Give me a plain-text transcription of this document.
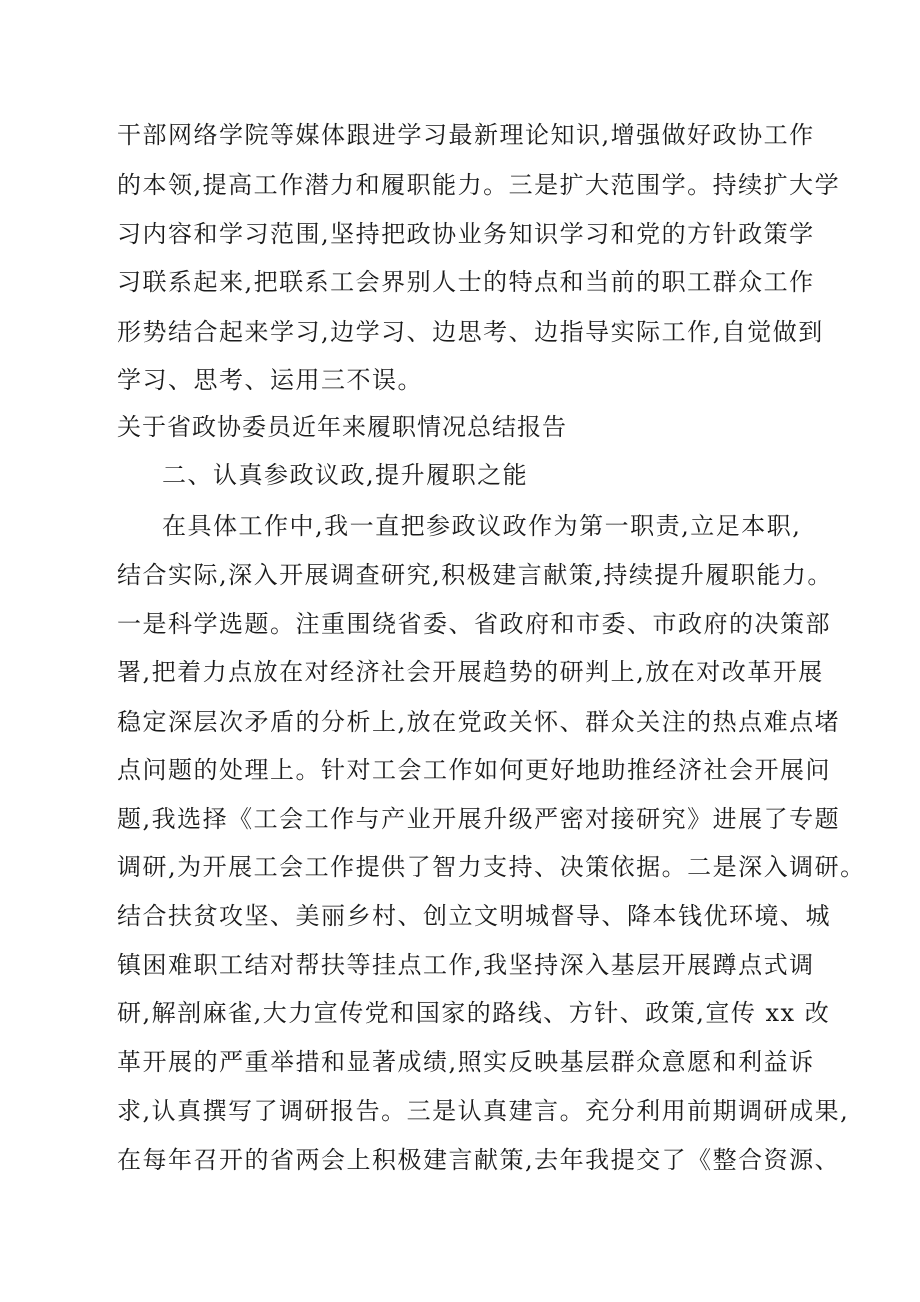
干部网络学院等媒体跟进学习最新理论知识,增强做好政协工作
的本领,提高工作潜力和履职能力。三是扩大范围学。持续扩大学
习内容和学习范围,坚持把政协业务知识学习和党的方针政策学
习联系起来,把联系工会界别人士的特点和当前的职工群众工作
形势结合起来学习,边学习、边思考、边指导实际工作,自觉做到
学习、思考、运用三不误。
关于省政协委员近年来履职情况总结报告
二、认真参政议政,提升履职之能
在具体工作中,我一直把参政议政作为第一职责,立足本职,
结合实际,深入开展调查研究,积极建言献策,持续提升履职能力。
一是科学选题。注重围绕省委、省政府和市委、市政府的决策部
署,把着力点放在对经济社会开展趋势的研判上,放在对改革开展
稳定深层次矛盾的分析上,放在党政关怀、群众关注的热点难点堵
点问题的处理上。针对工会工作如何更好地助推经济社会开展问
题,我选择《工会工作与产业开展升级严密对接研究》进展了专题
调研,为开展工会工作提供了智力支持、决策依据。二是深入调研。
结合扶贫攻坚、美丽乡村、创立文明城督导、降本钱优环境、城
镇困难职工结对帮扶等挂点工作,我坚持深入基层开展蹲点式调
研,解剖麻雀,大力宣传党和国家的路线、方针、政策,宣传 xx 改
革开展的严重举措和显著成绩,照实反映基层群众意愿和利益诉
求,认真撰写了调研报告。三是认真建言。充分利用前期调研成果,
在每年召开的省两会上积极建言献策,去年我提交了《整合资源、
